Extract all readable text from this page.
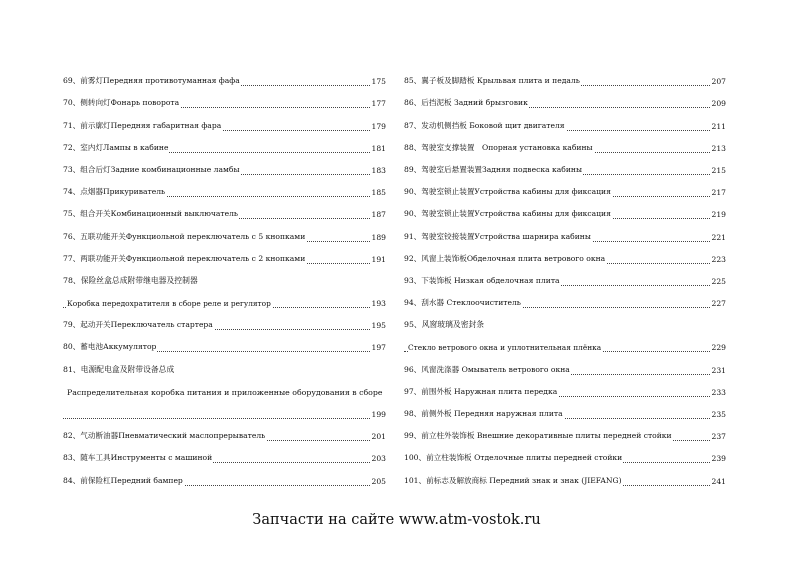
69、前雾灯Передняя противотуманная фафа	175
70、侧转向灯Фонарь поворота	177
71、前示廓灯Передняя габаритная фара	179
72、室内灯Лампы в кабине	181
73、组合后灯Задние комбинационные ламбы	183
74、点烟器Прикуриватель	185
75、组合开关Комбинационный выключатель	187
76、五联功能开关Функциольной переключатель с 5 кнопками	189
77、两联功能开关Функциольной переключатель с 2 кнопками	191
78、保险丝盒总成附带继电器及控制器
Коробка передохратителя в сборе реле и регулятор	193
79、起动开关Переключатель стартера	195
80、蓄电池Аккумулятор	197
81、电源配电盒及附带设备总成
Распределительная коробка питания и приложенные оборудования в сборе
199
82、气动断油器Пневматический маслопрерыватель	201
83、随车工具Инструменты с машиной	203
84、前保险杠Передний бампер	205
85、翼子板及脚踏板 Крыльвая плита и педаль	207
86、后挡泥板 Задний брызговик	209
87、发动机侧挡板 Боковой щит двигателя	211
88、驾驶室支撑装置　Опорная установка кабины	213
89、驾驶室后悬置装置Задняя подвеска кабины	215
90、驾驶室锁止装置Устройства кабины для фиксация	217
90、驾驶室锁止装置Устройства кабины для фиксация	219
91、驾驶室铰接装置Устройства шарнира кабины	221
92、风窗上装饰板Обделочная плита ветрового окна	223
93、下装饰板 Низкая обделочная плита	225
94、刮水器 Стеклоочиститель	227
95、风窗玻璃及密封条
Стекло ветрового окна и уплотнительная плёнка	229
96、风窗洗涤器 Омыватель ветрового окна	231
97、前围外板 Наружная плита передка	233
98、前侧外板 Передняя наружная плита	235
99、前立柱外装饰板 Внешние декоративные плиты передней стойки	237
100、前立柱装饰板 Отделочные плиты передней стойки	239
101、前标志及解放商标 Передний знак и знак (JIEFANG)	241
Запчасти на сайте www.atm-vostok.ru
